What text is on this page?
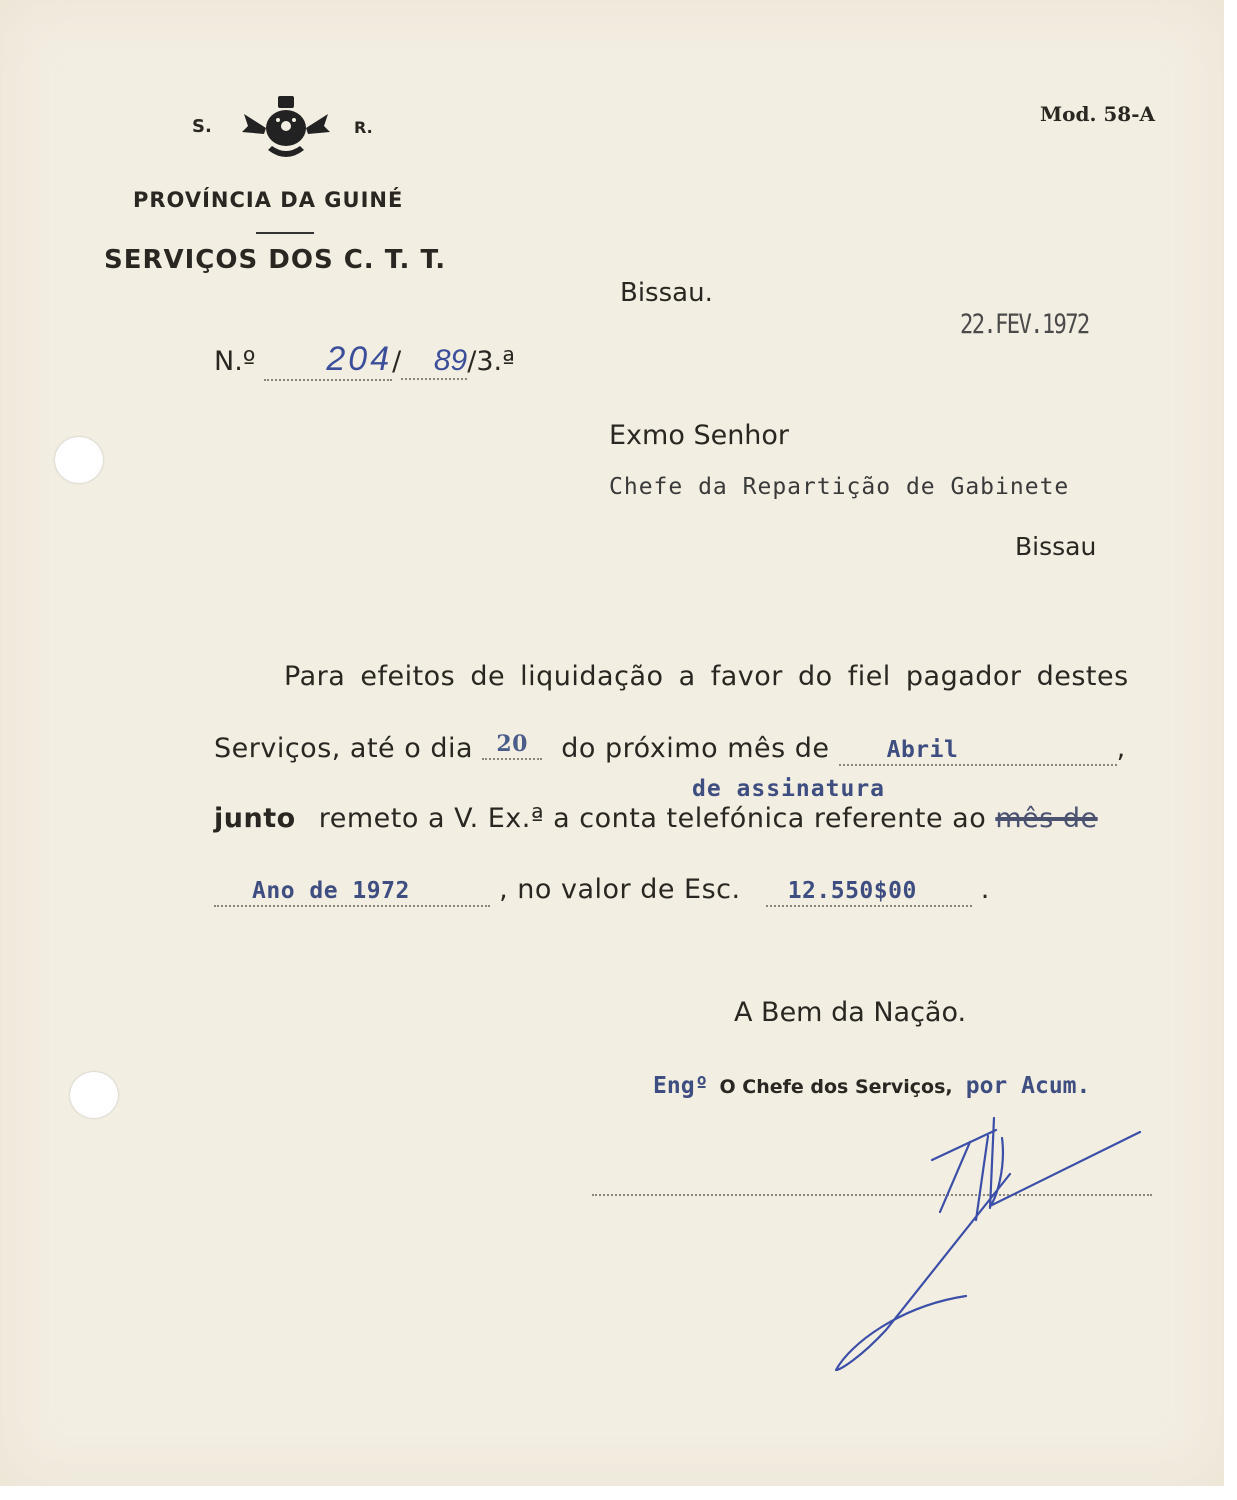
S.	R.
PROVÍNCIA DA GUINÉ
SERVIÇOS DOS C. T. T.
Mod. 58-A
Bissau.
22.FEV.1972
N.º 204/ 89/3.ª
Exmo Senhor
Chefe da Repartição de Gabinete
Bissau
Para efeitos de liquidação a favor do fiel pagador destes
Serviços, até o dia 20 do próximo mês de Abril	,
de assinatura
junto remeto a V. Ex.ª a conta telefónica referente ao mês de
Ano de 1972	, no valor de Esc. 12.550$00 .
A Bem da Nação.
Engº O Chefe dos Serviços, por Acum.
